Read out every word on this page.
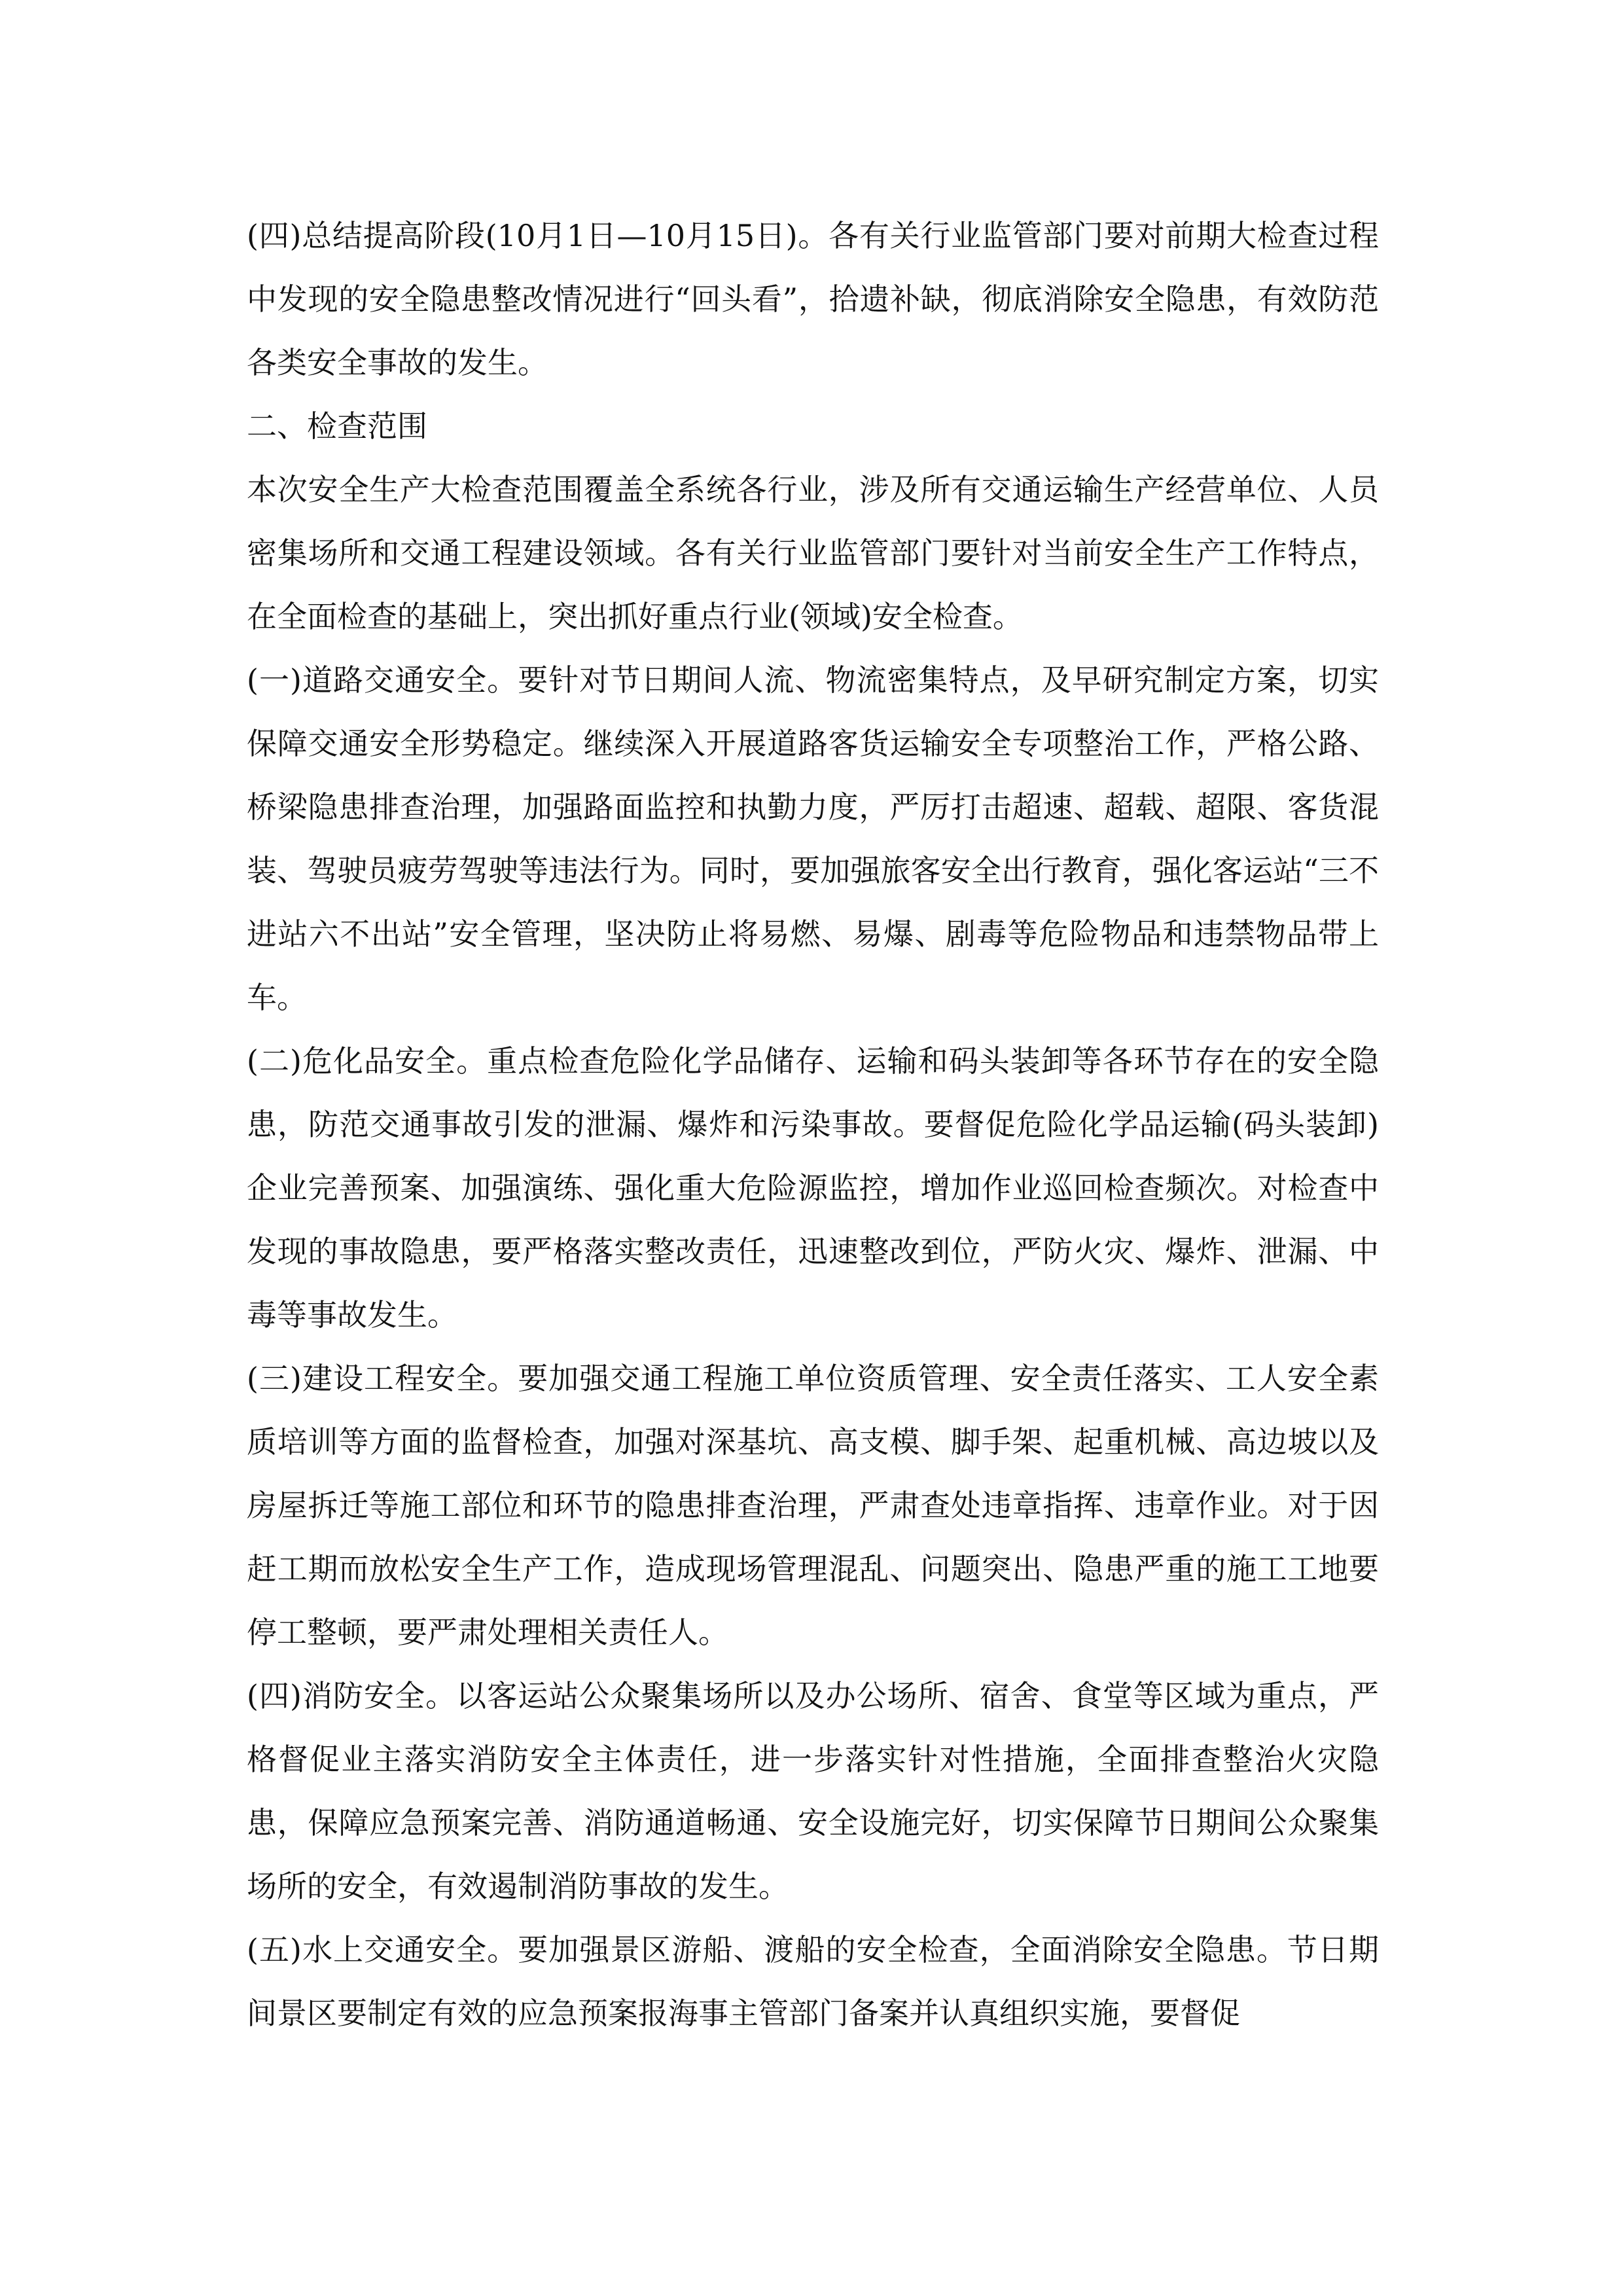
(四)总结提高阶段(10月1日—10月15日)。各有关行业监管部门要对前期大检查过程中发现的安全隐患整改情况进行“回头看”，拾遗补缺，彻底消除安全隐患，有效防范各类安全事故的发生。

二、检查范围

本次安全生产大检查范围覆盖全系统各行业，涉及所有交通运输生产经营单位、人员密集场所和交通工程建设领域。各有关行业监管部门要针对当前安全生产工作特点，在全面检查的基础上，突出抓好重点行业(领域)安全检查。

(一)道路交通安全。要针对节日期间人流、物流密集特点，及早研究制定方案，切实保障交通安全形势稳定。继续深入开展道路客货运输安全专项整治工作，严格公路、桥梁隐患排查治理，加强路面监控和执勤力度，严厉打击超速、超载、超限、客货混装、驾驶员疲劳驾驶等违法行为。同时，要加强旅客安全出行教育，强化客运站“三不进站六不出站”安全管理，坚决防止将易燃、易爆、剧毒等危险物品和违禁物品带上车。

(二)危化品安全。重点检查危险化学品储存、运输和码头装卸等各环节存在的安全隐患，防范交通事故引发的泄漏、爆炸和污染事故。要督促危险化学品运输(码头装卸)企业完善预案、加强演练、强化重大危险源监控，增加作业巡回检查频次。对检查中发现的事故隐患，要严格落实整改责任，迅速整改到位，严防火灾、爆炸、泄漏、中毒等事故发生。

(三)建设工程安全。要加强交通工程施工单位资质管理、安全责任落实、工人安全素质培训等方面的监督检查，加强对深基坑、高支模、脚手架、起重机械、高边坡以及房屋拆迁等施工部位和环节的隐患排查治理，严肃查处违章指挥、违章作业。对于因赶工期而放松安全生产工作，造成现场管理混乱、问题突出、隐患严重的施工工地要停工整顿，要严肃处理相关责任人。

(四)消防安全。以客运站公众聚集场所以及办公场所、宿舍、食堂等区域为重点，严格督促业主落实消防安全主体责任，进一步落实针对性措施，全面排查整治火灾隐患，保障应急预案完善、消防通道畅通、安全设施完好，切实保障节日期间公众聚集场所的安全，有效遏制消防事故的发生。

(五)水上交通安全。要加强景区游船、渡船的安全检查，全面消除安全隐患。节日期间景区要制定有效的应急预案报海事主管部门备案并认真组织实施，要督促
